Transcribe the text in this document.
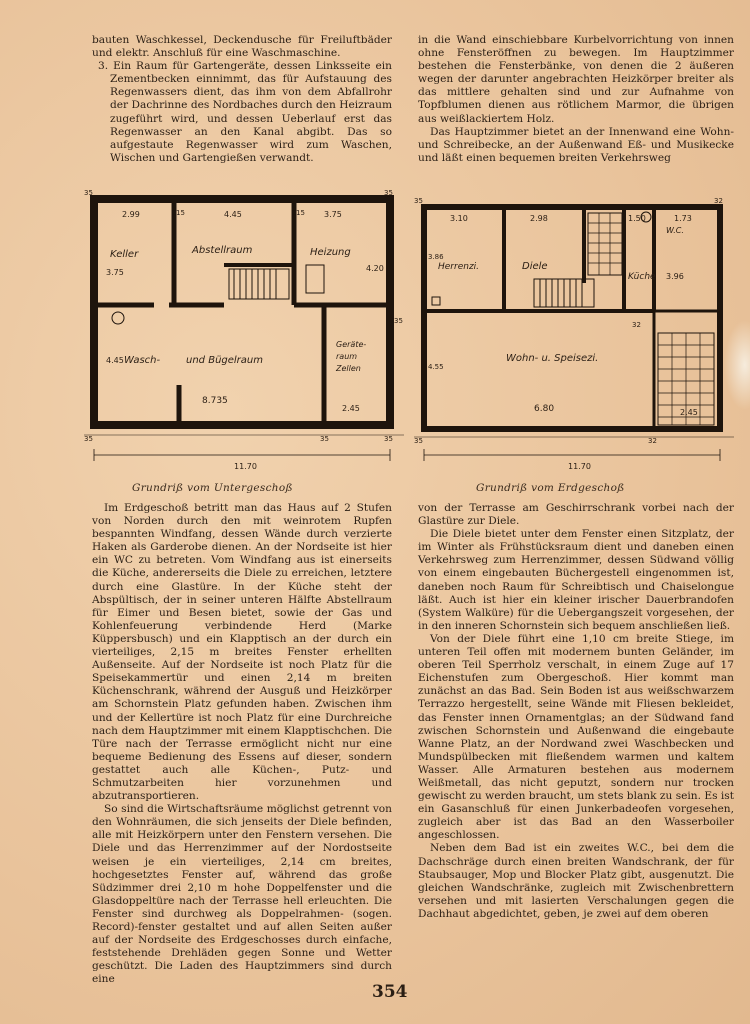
bauten Waschkessel, Deckendusche für Freiluftbäder und elektr. Anschluß für eine Waschmaschine.

3. Ein Raum für Gartengeräte, dessen Linksseite ein Zementbecken einnimmt, das für Aufstauung des Regenwassers dient, das ihm von dem Abfallrohr der Dachrinne des Nordbaches durch den Heizraum zugeführt wird, und dessen Ueberlauf erst das Regenwasser an den Kanal abgibt. Das so aufgestaute Regenwasser wird zum Waschen, Wischen und Gartengießen verwandt.

in die Wand einschiebbare Kurbelvorrichtung von innen ohne Fensteröffnen zu bewegen. Im Hauptzimmer bestehen die Fensterbänke, von denen die 2 äußeren wegen der darunter angebrachten Heizkörper breiter als das mittlere gehalten sind und zur Aufnahme von Topfblumen dienen aus rötlichem Marmor, die übrigen aus weißlackiertem Holz.

Das Hauptzimmer bietet an der Innenwand eine Wohn- und Schreibecke, an der Außenwand Eß- und Musikecke und läßt einen bequemen breiten Verkehrsweg

Keller	Abstellraum	Heizung
Wasch-	und Bügelraum
Geräte-
raum
Zellen
2.99	4.45	3.75
3.75	4.20
4.45
8.735
2.45
11.70
35	35
35	35
35
35
15	15
Grundriß vom Untergeschoß
Herrenzi.	Diele
Küche
Wohn- u. Speisezi.
W.C.
3.10	2.98	1.50	1.73
3.96
3.86
4.55
6.80	2.45
32
11.70
35	32
35	32
Grundriß vom Erdgeschoß

Im Erdgeschoß betritt man das Haus auf 2 Stufen von Norden durch den mit weinrotem Rupfen bespannten Windfang, dessen Wände durch verzierte Haken als Garderobe dienen. An der Nordseite ist hier ein WC zu betreten. Vom Windfang aus ist einerseits die Küche, andererseits die Diele zu erreichen, letztere durch eine Glastüre. In der Küche steht der Abspültisch, der in seiner unteren Hälfte Abstellraum für Eimer und Besen bietet, sowie der Gas und Kohlenfeuerung verbindende Herd (Marke Küppersbusch) und ein Klapptisch an der durch ein vierteiliges, 2,15 m breites Fenster erhellten Außenseite. Auf der Nordseite ist noch Platz für die Speisekammertür und einen 2,14 m breiten Küchenschrank, während der Ausguß und Heizkörper am Schornstein Platz gefunden haben. Zwischen ihm und der Kellertüre ist noch Platz für eine Durchreiche nach dem Hauptzimmer mit einem Klapptischchen. Die Türe nach der Terrasse ermöglicht nicht nur eine bequeme Bedienung des Essens auf dieser, sondern gestattet auch alle Küchen-, Putz- und Schmutzarbeiten hier vorzunehmen und abzutransportieren.

So sind die Wirtschaftsräume möglichst getrennt von den Wohnräumen, die sich jenseits der Diele befinden, alle mit Heizkörpern unter den Fenstern versehen. Die Diele und das Herrenzimmer auf der Nordostseite weisen je ein vierteiliges, 2,14 cm breites, hochgesetztes Fenster auf, während das große Südzimmer drei 2,10 m hohe Doppelfenster und die Glasdoppeltüre nach der Terrasse hell erleuchten. Die Fenster sind durchweg als Doppelrahmen- (sogen. Record)-fenster gestaltet und auf allen Seiten außer auf der Nordseite des Erdgeschosses durch einfache, feststehende Drehläden gegen Sonne und Wetter geschützt. Die Laden des Hauptzimmers sind durch eine

von der Terrasse am Geschirrschrank vorbei nach der Glastüre zur Diele.

Die Diele bietet unter dem Fenster einen Sitzplatz, der im Winter als Frühstücksraum dient und daneben einen Verkehrsweg zum Herrenzimmer, dessen Südwand völlig von einem eingebauten Büchergestell eingenommen ist, daneben noch Raum für Schreibtisch und Chaiselongue läßt. Auch ist hier ein kleiner irischer Dauerbrandofen (System Walküre) für die Uebergangszeit vorgesehen, der in den inneren Schornstein sich bequem anschließen ließ.

Von der Diele führt eine 1,10 cm breite Stiege, im unteren Teil offen mit modernem bunten Geländer, im oberen Teil Sperrholz verschalt, in einem Zuge auf 17 Eichenstufen zum Obergeschoß. Hier kommt man zunächst an das Bad. Sein Boden ist aus weißschwarzem Terrazzo hergestellt, seine Wände mit Fliesen bekleidet, das Fenster innen Ornamentglas; an der Südwand fand zwischen Schornstein und Außenwand die eingebaute Wanne Platz, an der Nordwand zwei Waschbecken und Mundspülbecken mit fließendem warmen und kaltem Wasser. Alle Armaturen bestehen aus modernem Weißmetall, das nicht geputzt, sondern nur trocken gewischt zu werden braucht, um stets blank zu sein. Es ist ein Gasanschluß für einen Junkerbadeofen vorgesehen, zugleich aber ist das Bad an den Wasserboiler angeschlossen.

Neben dem Bad ist ein zweites W.C., bei dem die Dachschräge durch einen breiten Wandschrank, der für Staubsauger, Mop und Blocker Platz gibt, ausgenutzt. Die gleichen Wandschränke, zugleich mit Zwischenbrettern versehen und mit lasierten Verschalungen gegen die Dachhaut abgedichtet, geben, je zwei auf dem oberen

354
